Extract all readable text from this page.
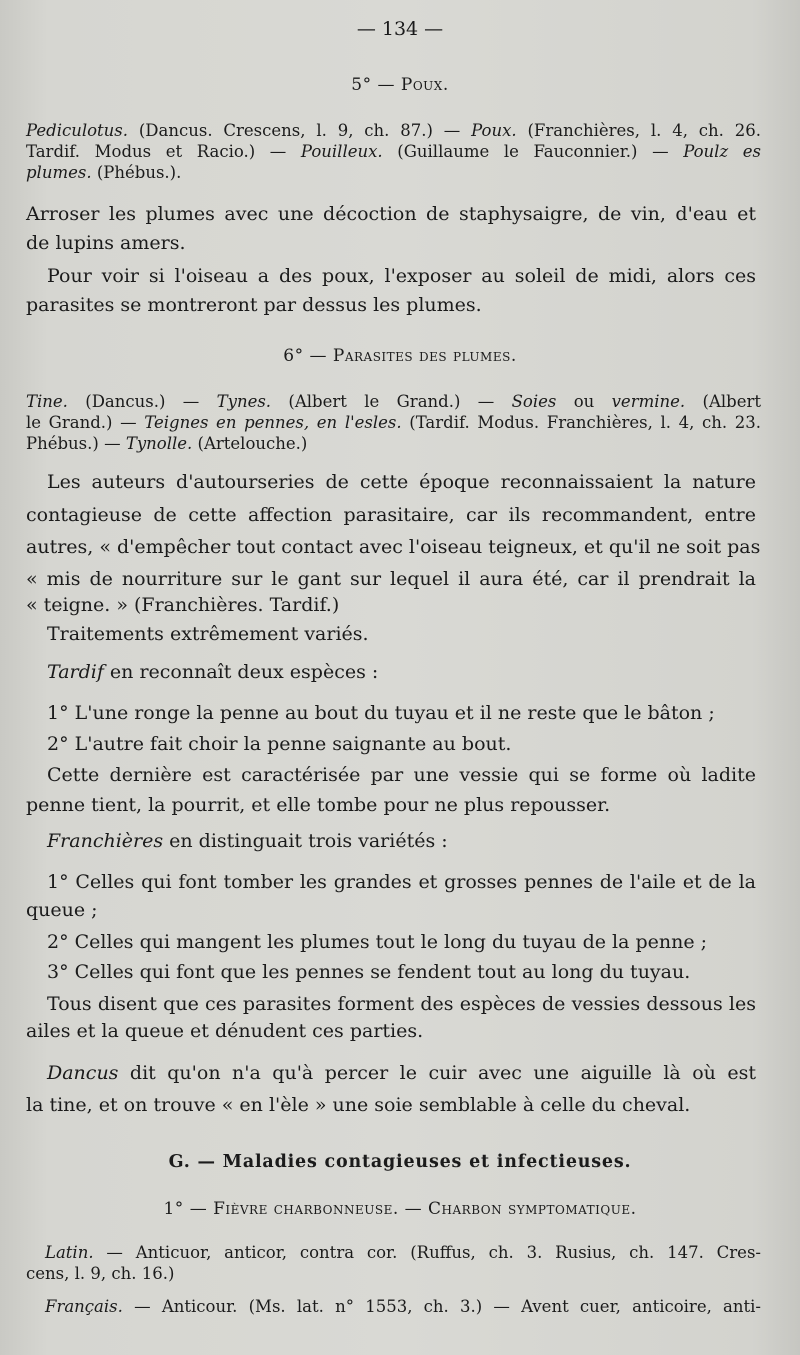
— 134 —
5° — Poux.
Pediculotus. (Dancus. Crescens, l. 9, ch. 87.) — Poux. (Franchières, l. 4, ch. 26.
Tardif. Modus et Racio.) — Pouilleux. (Guillaume le Fauconnier.) — Poulz es
plumes. (Phébus.).
Arroser les plumes avec une décoction de staphysaigre, de vin, d'eau et
de lupins amers.
Pour voir si l'oiseau a des poux, l'exposer au soleil de midi, alors ces
parasites se montreront par dessus les plumes.
6° — Parasites des plumes.
Tine. (Dancus.) — Tynes. (Albert le Grand.) — Soies ou vermine. (Albert
le Grand.) — Teignes en pennes, en l'esles. (Tardif. Modus. Franchières, l. 4, ch. 23.
Phébus.) — Tynolle. (Artelouche.)
Les auteurs d'autourseries de cette époque reconnaissaient la nature
contagieuse de cette affection parasitaire, car ils recommandent, entre
autres, « d'empêcher tout contact avec l'oiseau teigneux, et qu'il ne soit pas
« mis de nourriture sur le gant sur lequel il aura été, car il prendrait la
« teigne. » (Franchières. Tardif.)
Traitements extrêmement variés.
Tardif en reconnaît deux espèces :
1° L'une ronge la penne au bout du tuyau et il ne reste que le bâton ;
2° L'autre fait choir la penne saignante au bout.
Cette dernière est caractérisée par une vessie qui se forme où ladite
penne tient, la pourrit, et elle tombe pour ne plus repousser.
Franchières en distinguait trois variétés :
1° Celles qui font tomber les grandes et grosses pennes de l'aile et de la
queue ;
2° Celles qui mangent les plumes tout le long du tuyau de la penne ;
3° Celles qui font que les pennes se fendent tout au long du tuyau.
Tous disent que ces parasites forment des espèces de vessies dessous les
ailes et la queue et dénudent ces parties.
Dancus dit qu'on n'a qu'à percer le cuir avec une aiguille là où est
la tine, et on trouve « en l'èle » une soie semblable à celle du cheval.
G. — Maladies contagieuses et infectieuses.
1° — Fièvre charbonneuse. — Charbon symptomatique.
Latin. — Anticuor, anticor, contra cor. (Ruffus, ch. 3. Rusius, ch. 147. Cres-
cens, l. 9, ch. 16.)
Français. — Anticour. (Ms. lat. n° 1553, ch. 3.) — Avent cuer, anticoire, anti-
